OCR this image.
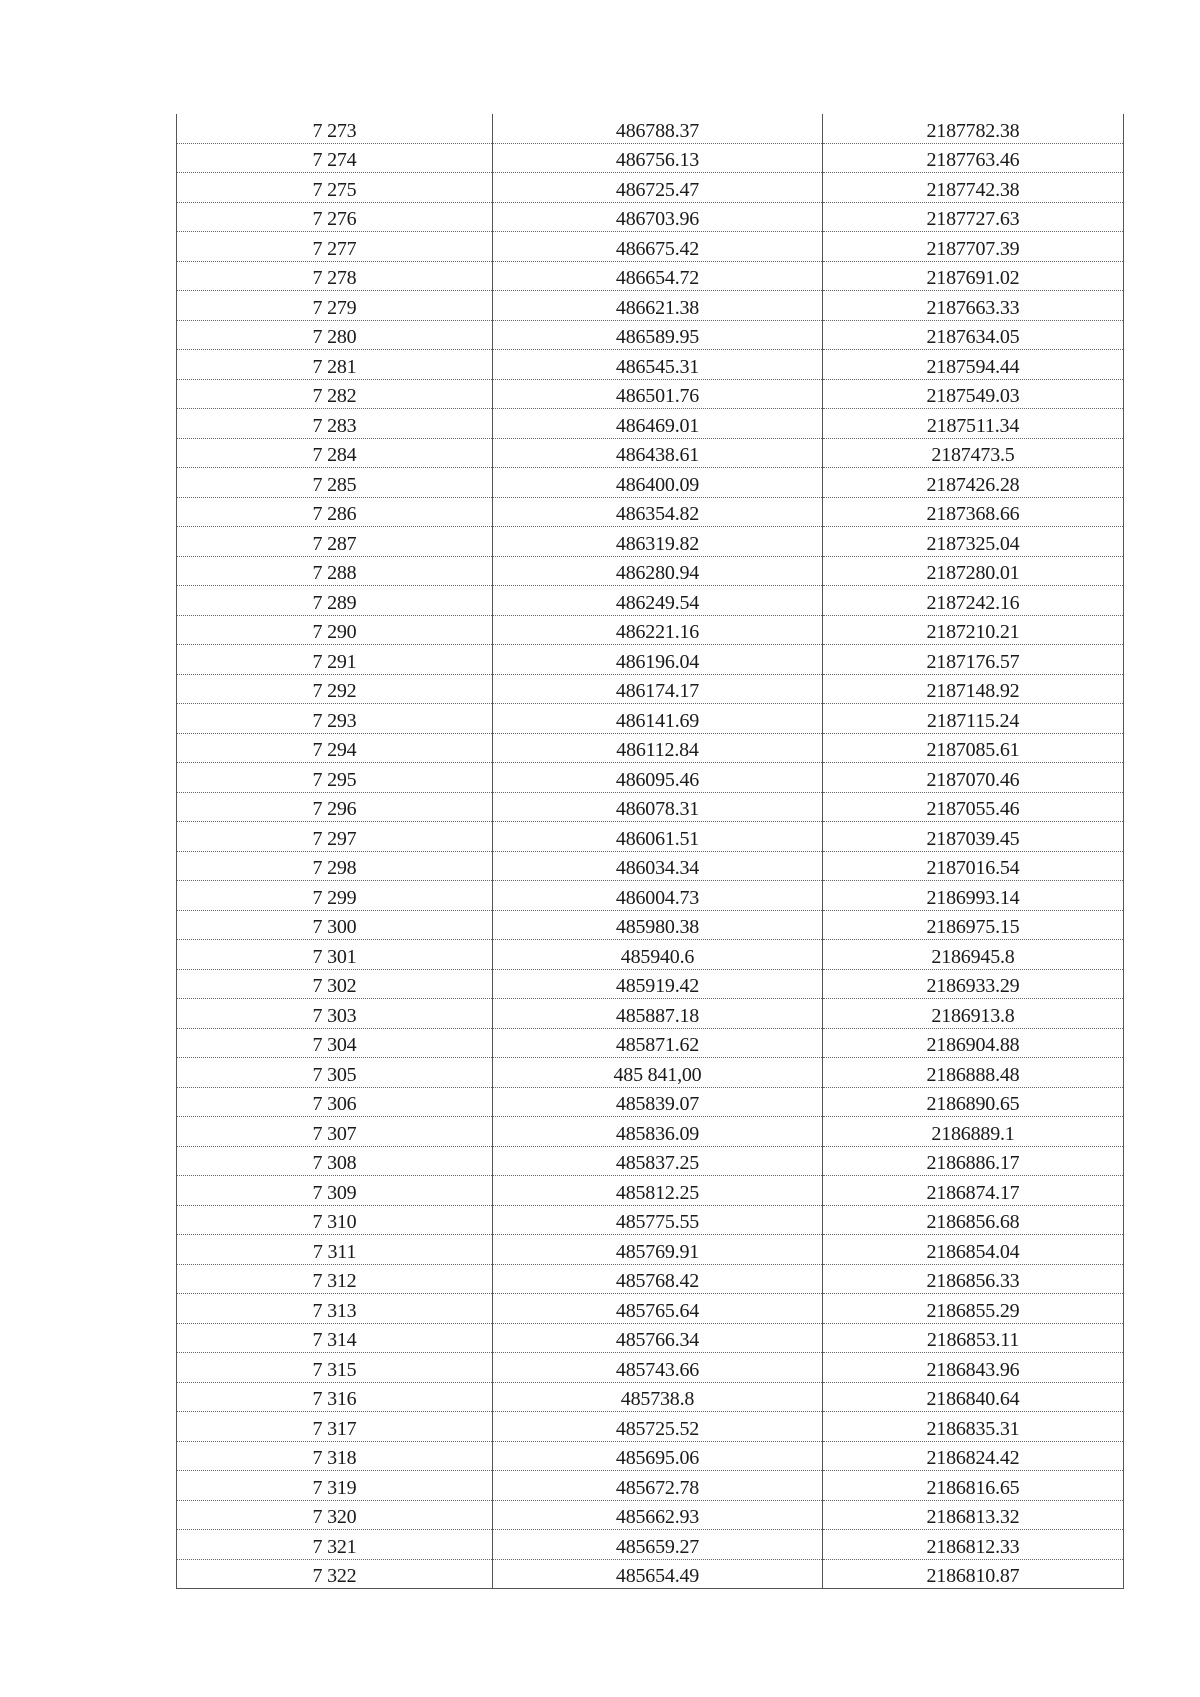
7 273	486788.37	2187782.38
7 274	486756.13	2187763.46
7 275	486725.47	2187742.38
7 276	486703.96	2187727.63
7 277	486675.42	2187707.39
7 278	486654.72	2187691.02
7 279	486621.38	2187663.33
7 280	486589.95	2187634.05
7 281	486545.31	2187594.44
7 282	486501.76	2187549.03
7 283	486469.01	2187511.34
7 284	486438.61	2187473.5
7 285	486400.09	2187426.28
7 286	486354.82	2187368.66
7 287	486319.82	2187325.04
7 288	486280.94	2187280.01
7 289	486249.54	2187242.16
7 290	486221.16	2187210.21
7 291	486196.04	2187176.57
7 292	486174.17	2187148.92
7 293	486141.69	2187115.24
7 294	486112.84	2187085.61
7 295	486095.46	2187070.46
7 296	486078.31	2187055.46
7 297	486061.51	2187039.45
7 298	486034.34	2187016.54
7 299	486004.73	2186993.14
7 300	485980.38	2186975.15
7 301	485940.6	2186945.8
7 302	485919.42	2186933.29
7 303	485887.18	2186913.8
7 304	485871.62	2186904.88
7 305	485 841,00	2186888.48
7 306	485839.07	2186890.65
7 307	485836.09	2186889.1
7 308	485837.25	2186886.17
7 309	485812.25	2186874.17
7 310	485775.55	2186856.68
7 311	485769.91	2186854.04
7 312	485768.42	2186856.33
7 313	485765.64	2186855.29
7 314	485766.34	2186853.11
7 315	485743.66	2186843.96
7 316	485738.8	2186840.64
7 317	485725.52	2186835.31
7 318	485695.06	2186824.42
7 319	485672.78	2186816.65
7 320	485662.93	2186813.32
7 321	485659.27	2186812.33
7 322	485654.49	2186810.87
